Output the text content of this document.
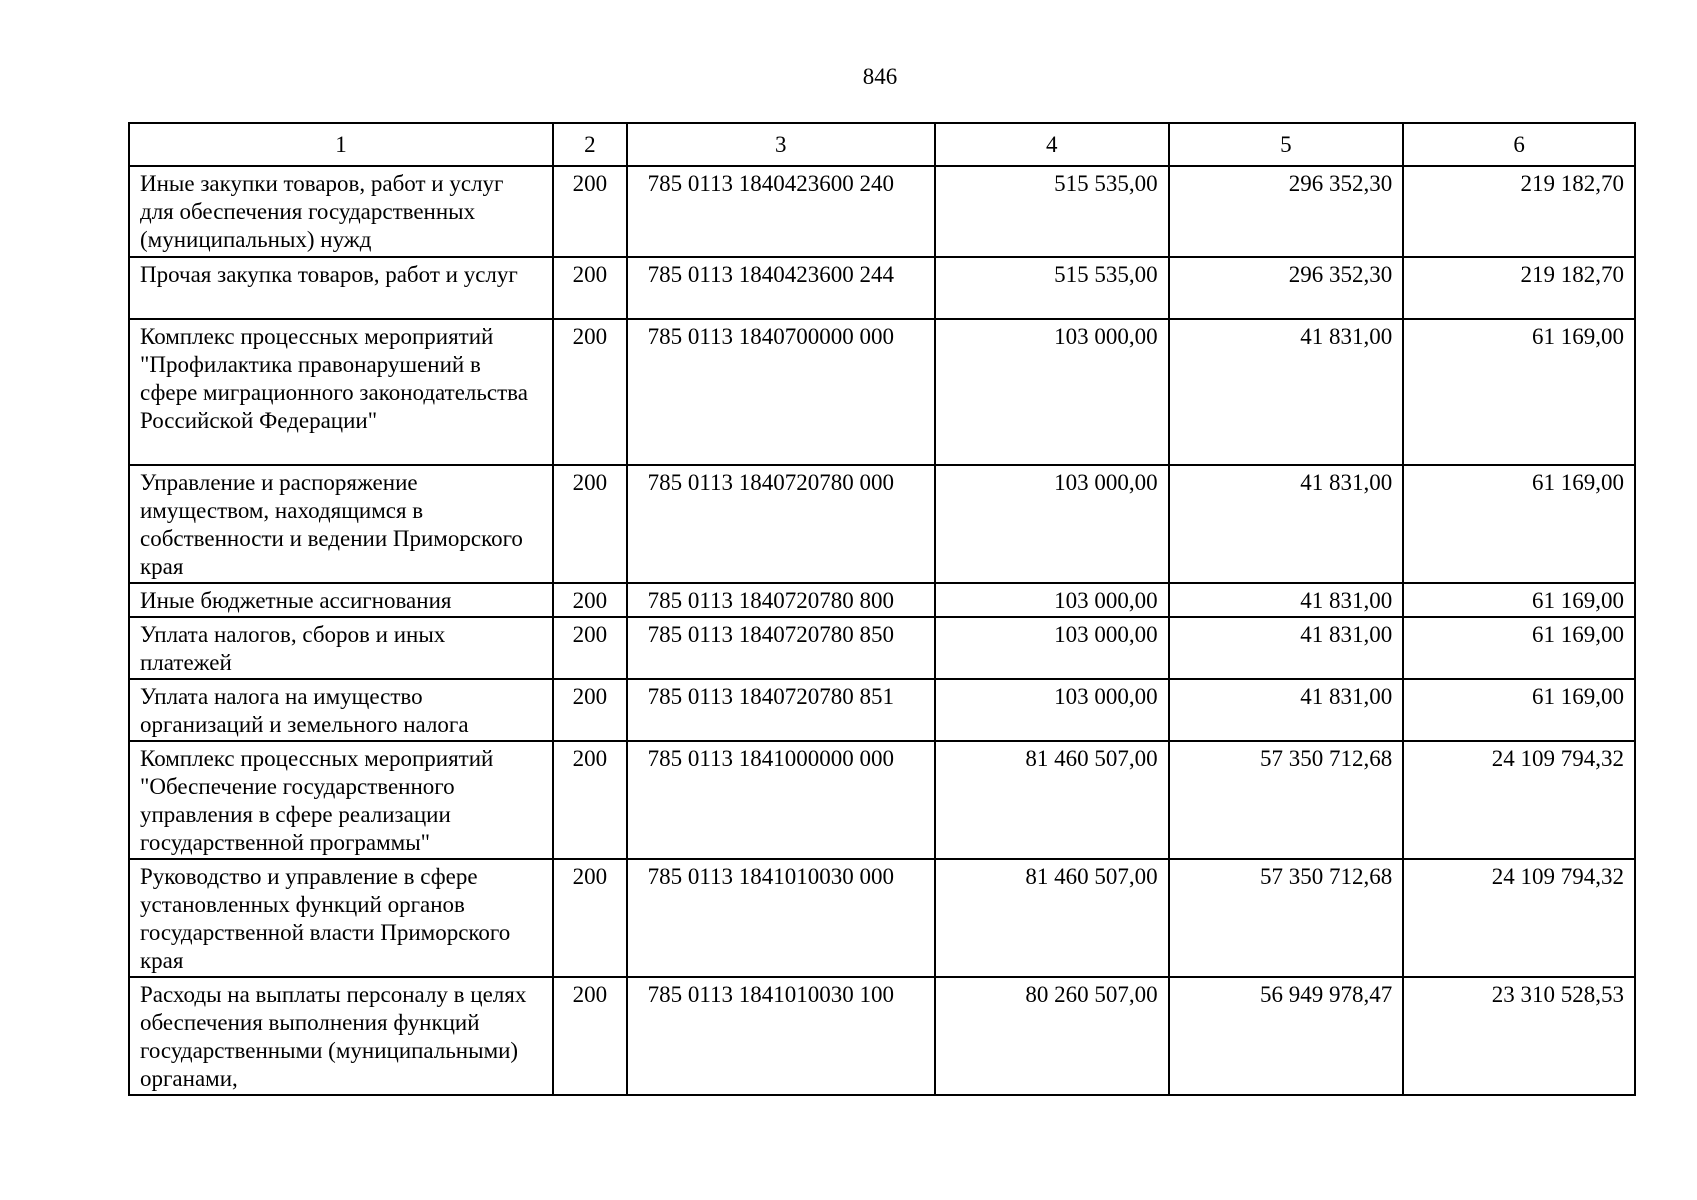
846
1	2	3	4	5	6
Иные закупки товаров, работ и услуг для обеспечения государственных (муниципальных) нужд	200	785 0113 1840423600 240	515 535,00	296 352,30	219 182,70
Прочая закупка товаров, работ и услуг	200	785 0113 1840423600 244	515 535,00	296 352,30	219 182,70
Комплекс процессных мероприятий "Профилактика правонарушений в сфере миграционного законодательства Российской Федерации"	200	785 0113 1840700000 000	103 000,00	41 831,00	61 169,00
Управление и распоряжение имуществом, находящимся в собственности и ведении Приморского края	200	785 0113 1840720780 000	103 000,00	41 831,00	61 169,00
Иные бюджетные ассигнования	200	785 0113 1840720780 800	103 000,00	41 831,00	61 169,00
Уплата налогов, сборов и иных платежей	200	785 0113 1840720780 850	103 000,00	41 831,00	61 169,00
Уплата налога на имущество организаций и земельного налога	200	785 0113 1840720780 851	103 000,00	41 831,00	61 169,00
Комплекс процессных мероприятий "Обеспечение государственного управления в сфере реализации государственной программы"	200	785 0113 1841000000 000	81 460 507,00	57 350 712,68	24 109 794,32
Руководство и управление в сфере установленных функций органов государственной власти Приморского края	200	785 0113 1841010030 000	81 460 507,00	57 350 712,68	24 109 794,32
Расходы на выплаты персоналу в целях обеспечения выполнения функций государственными (муниципальными) органами,	200	785 0113 1841010030 100	80 260 507,00	56 949 978,47	23 310 528,53
